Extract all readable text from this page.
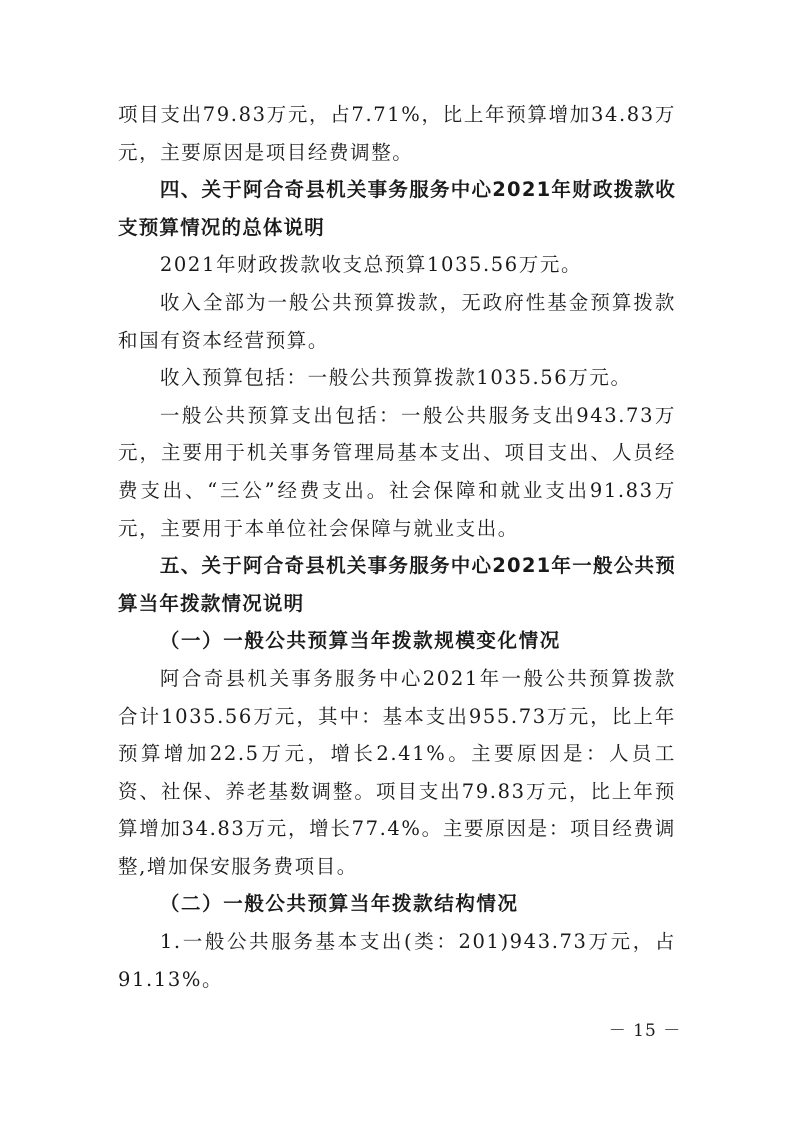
项目支出79.83万元，占7.71%，比上年预算增加34.83万元，主要原因是项目经费调整。

四、关于阿合奇县机关事务服务中心2021年财政拨款收支预算情况的总体说明

2021年财政拨款收支总预算1035.56万元。

收入全部为一般公共预算拨款，无政府性基金预算拨款和国有资本经营预算。

收入预算包括：一般公共预算拨款1035.56万元。

一般公共预算支出包括：一般公共服务支出943.73万元，主要用于机关事务管理局基本支出、项目支出、人员经费支出、“三公”经费支出。社会保障和就业支出91.83万元，主要用于本单位社会保障与就业支出。

五、关于阿合奇县机关事务服务中心2021年一般公共预算当年拨款情况说明

（一）一般公共预算当年拨款规模变化情况

阿合奇县机关事务服务中心2021年一般公共预算拨款合计1035.56万元，其中：基本支出955.73万元，比上年预算增加22.5万元，增长2.41%。主要原因是：人员工资、社保、养老基数调整。项目支出79.83万元，比上年预算增加34.83万元，增长77.4%。主要原因是：项目经费调整,增加保安服务费项目。

（二）一般公共预算当年拨款结构情况

1.一般公共服务基本支出(类：201)943.73万元，占91.13%。

－ 15 －
